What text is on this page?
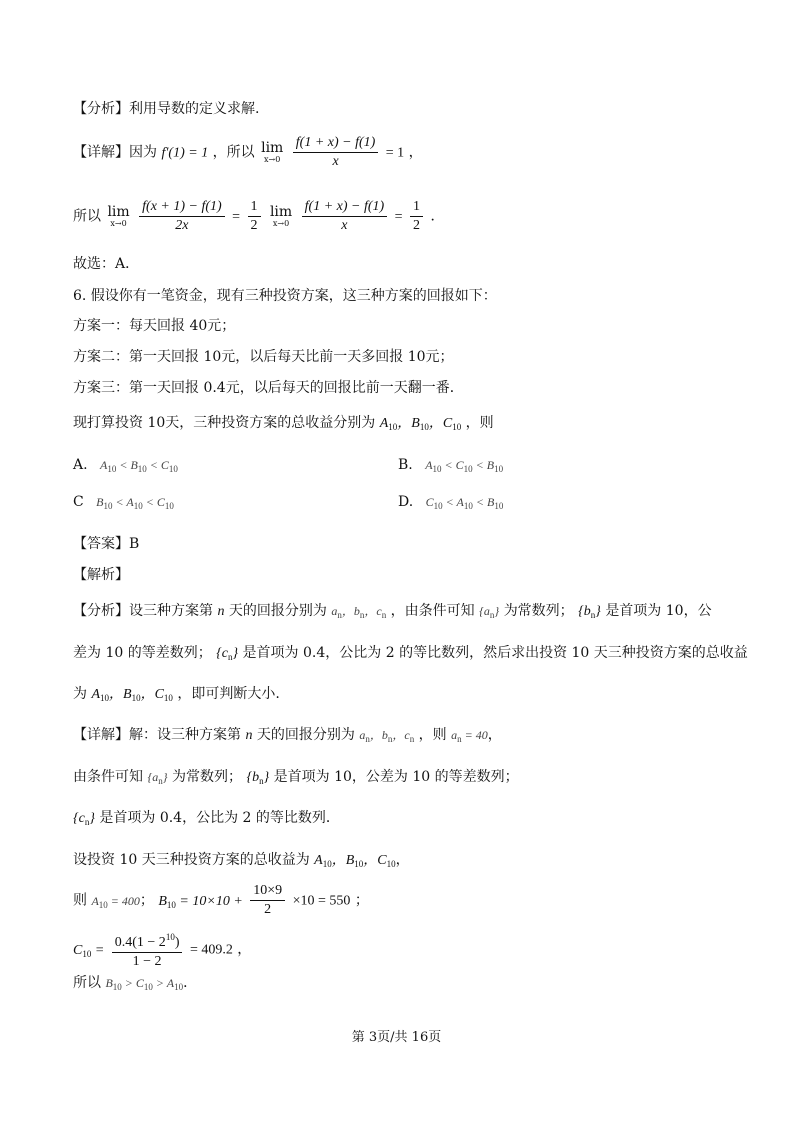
【分析】利用导数的定义求解.
【详解】因为 f′(1) = 1 ，所以 lim
x→0
$\frac{f(1 + x) - f(1)}{x} = 1$ ，
所以 lim
x→0
$\frac{f(x + 1) - f(1)}{2x} = \frac{1}{2}$ lim
x→0
$\frac{f(1 + x) - f(1)}{x} = \frac{1}{2}$ ．
故选：A．
6. 假设你有一笔资金，现有三种投资方案，这三种方案的回报如下：
方案一：每天回报 40元；
方案二：第一天回报 10元，以后每天比前一天多回报 10元；
方案三：第一天回报 0.4元，以后每天的回报比前一天翻一番．
现打算投资 10天，三种投资方案的总收益分别为 $A_{10}$，$B_{10}$，$C_{10}$ ，则
A. $A_{10} < B_{10} < C_{10}$	B. $A_{10} < C_{10} < B_{10}$
C $B_{10} < A_{10} < C_{10}$	D. $C_{10} < A_{10} < B_{10}$
【答案】B
【解析】
【分析】设三种方案第 n 天的回报分别为 $a_n$，$b_n$，$c_n$ ，由条件可知 $\{a_n\}$ 为常数列； $\{b_n\}$ 是首项为 10，公
差为 10 的等差数列； $\{c_n\}$ 是首项为 0.4，公比为 2 的等比数列，然后求出投资 10 天三种投资方案的总收益
为 $A_{10}$，$B_{10}$，$C_{10}$ ，即可判断大小.
【详解】解：设三种方案第 n 天的回报分别为 $a_n$，$b_n$，$c_n$ ，则 $a_n = 40$，
由条件可知 $\{a_n\}$ 为常数列； $\{b_n\}$ 是首项为 10，公差为 10 的等差数列；
$\{c_n\}$ 是首项为 0.4，公比为 2 的等比数列．
设投资 10 天三种投资方案的总收益为 $A_{10}$，$B_{10}$，$C_{10}$，
则 $A_{10} = 400$； $B_{10} = 10\times 10 + \frac{10\times 9}{2} \times 10 = 550$ ；
$C_{10} = \frac{0.4(1 - 2^{10})}{1 - 2} = 409.2$ ，
所以 $B_{10} > C_{10} > A_{10}$．
第 3页/共 16页
